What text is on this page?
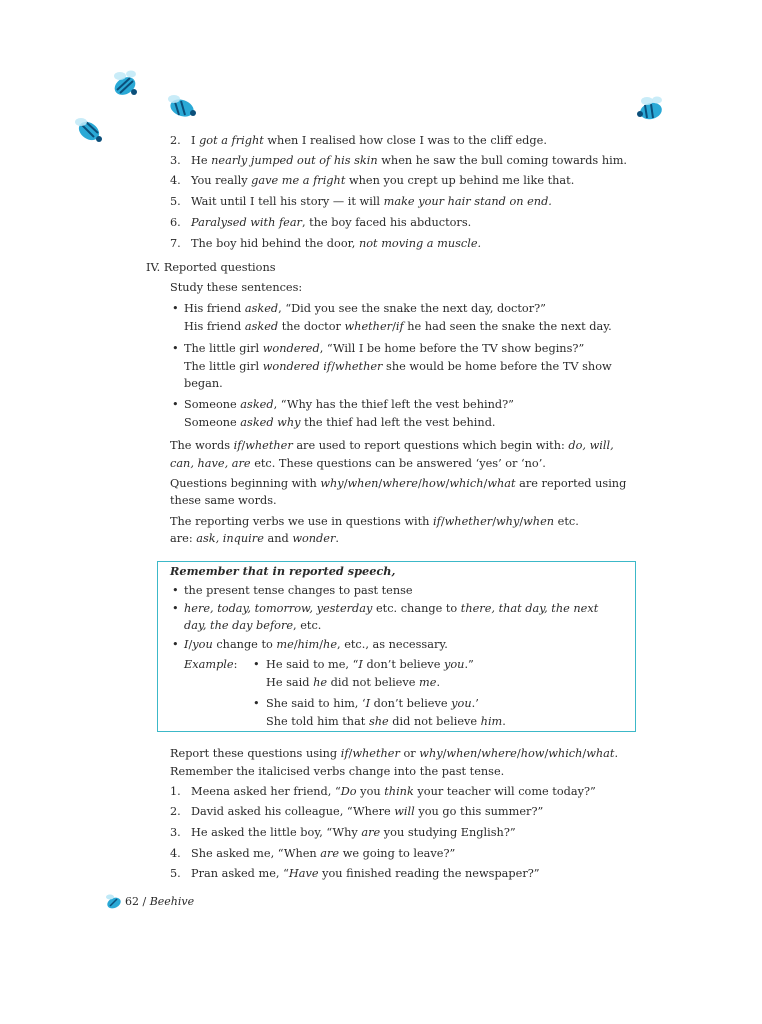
2. I got a fright when I realised how close I was to the cliff edge.
3. He nearly jumped out of his skin when he saw the bull coming towards him.
4. You really gave me a fright when you crept up behind me like that.
5. Wait until I tell his story — it will make your hair stand on end.
6. Paralysed with fear, the boy faced his abductors.
7. The boy hid behind the door, not moving a muscle.
IV. Reported questions
Study these sentences:
• His friend asked, “Did you see the snake the next day, doctor?”
His friend asked the doctor whether/if he had seen the snake the next day.
• The little girl wondered, “Will I be home before the TV show begins?”
The little girl wondered if/whether she would be home before the TV show
began.
• Someone asked, “Why has the thief left the vest behind?”
Someone asked why the thief had left the vest behind.
The words if/whether are used to report questions which begin with: do, will,
can, have, are etc. These questions can be answered ‘yes’ or ‘no’.
Questions beginning with why/when/where/how/which/what are reported using
these same words.
The reporting verbs we use in questions with if/whether/why/when etc.
are: ask, inquire and wonder.
Remember that in reported speech,
• the present tense changes to past tense
• here, today, tomorrow, yesterday etc. change to there, that day, the next
day, the day before, etc.
• I/you change to me/him/he, etc., as necessary.
Example: • He said to me, “I don’t believe you.”
He said he did not believe me.
• She said to him, ‘I don’t believe you.’
She told him that she did not believe him.
Report these questions using if/whether or why/when/where/how/which/what.
Remember the italicised verbs change into the past tense.
1. Meena asked her friend, “Do you think your teacher will come today?”
2. David asked his colleague, “Where will you go this summer?”
3. He asked the little boy, “Why are you studying English?”
4. She asked me, “When are we going to leave?”
5. Pran asked me, “Have you finished reading the newspaper?”
62 / Beehive
